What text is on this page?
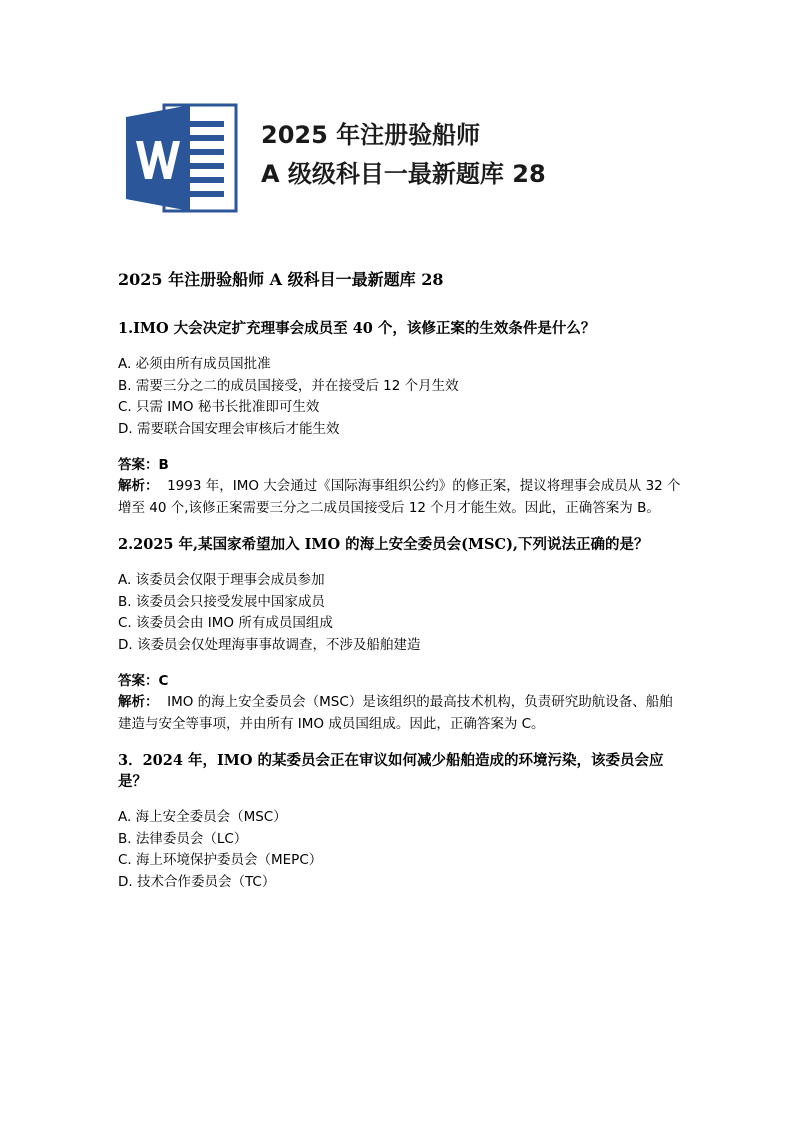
2025 年注册验船师
A 级级科目一最新题库 28
2025 年注册验船师 A 级科目一最新题库 28
1.IMO 大会决定扩充理事会成员至 40 个，该修正案的生效条件是什么？
A. 必须由所有成员国批准
B. 需要三分之二的成员国接受，并在接受后 12 个月生效
C. 只需 IMO 秘书长批准即可生效
D. 需要联合国安理会审核后才能生效
答案：B
解析： 1993 年，IMO 大会通过《国际海事组织公约》的修正案，提议将理事会成员从 32 个增至 40 个,该修正案需要三分之二成员国接受后 12 个月才能生效。因此，正确答案为 B。
2.2025 年,某国家希望加入 IMO 的海上安全委员会(MSC),下列说法正确的是？
A. 该委员会仅限于理事会成员参加
B. 该委员会只接受发展中国家成员
C. 该委员会由 IMO 所有成员国组成
D. 该委员会仅处理海事事故调查，不涉及船舶建造
答案：C
解析： IMO 的海上安全委员会（MSC）是该组织的最高技术机构，负责研究助航设备、船舶建造与安全等事项，并由所有 IMO 成员国组成。因此，正确答案为 C。
3．2024 年，IMO 的某委员会正在审议如何减少船舶造成的环境污染，该委员会应是？
A. 海上安全委员会（MSC）
B. 法律委员会（LC）
C. 海上环境保护委员会（MEPC）
D. 技术合作委员会（TC）
